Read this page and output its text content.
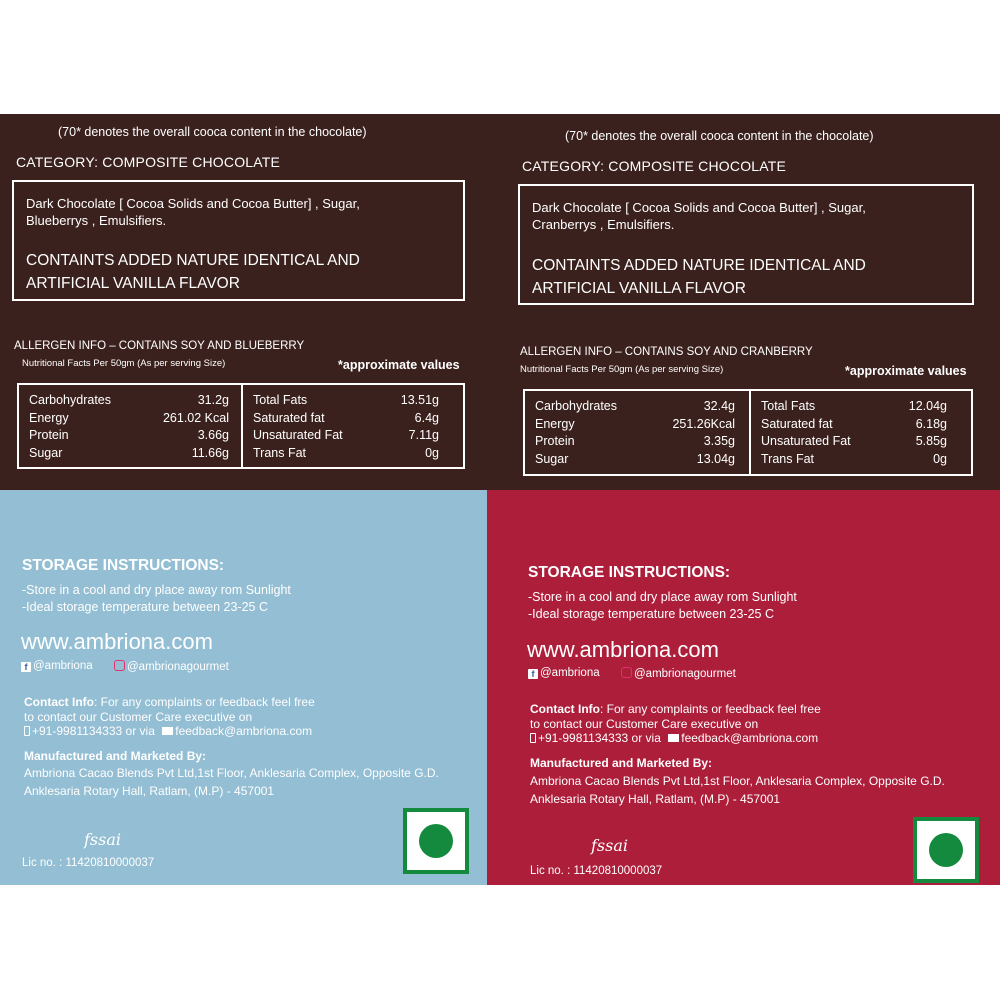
(70* denotes the overall cooca content in the chocolate)
CATEGORY: COMPOSITE CHOCOLATE
Dark Chocolate [ Cocoa Solids and Cocoa Butter] , Sugar,
Blueberrys , Emulsifiers.
CONTAINTS ADDED NATURE IDENTICAL AND
ARTIFICIAL VANILLA FLAVOR
ALLERGEN INFO – CONTAINS SOY AND BLUEBERRY
Nutritional Facts Per 50gm (As per serving Size)	*approximate values
Carbohydrates	31.2g
Energy	261.02 Kcal
Protein	3.66g
Sugar	11.66g
Total Fats	13.51g
Saturated fat	6.4g
Unsaturated Fat	7.11g
Trans Fat	0g
(70* denotes the overall cooca content in the chocolate)
CATEGORY: COMPOSITE CHOCOLATE
Dark Chocolate [ Cocoa Solids and Cocoa Butter] , Sugar,
Cranberrys , Emulsifiers.
CONTAINTS ADDED NATURE IDENTICAL AND
ARTIFICIAL VANILLA FLAVOR
ALLERGEN INFO – CONTAINS SOY AND CRANBERRY
Nutritional Facts Per 50gm (As per serving Size)	*approximate values
Carbohydrates	32.4g
Energy	251.26Kcal
Protein	3.35g
Sugar	13.04g
Total Fats	12.04g
Saturated fat	6.18g
Unsaturated Fat	5.85g
Trans Fat	0g
STORAGE INSTRUCTIONS:
-Store in a cool and dry place away rom Sunlight
-Ideal storage temperature between 23-25 C
www.ambriona.com
f @ambriona	@ambrionagourmet
Contact Info: For any complaints or feedback feel free
to contact our Customer Care executive on
+91-9981134333 or via feedback@ambriona.com
Manufactured and Marketed By:
Ambriona Cacao Blends Pvt Ltd,1st Floor, Anklesaria Complex, Opposite G.D.
Anklesaria Rotary Hall, Ratlam, (M.P) - 457001
fssai
Lic no. : 11420810000037
STORAGE INSTRUCTIONS:
-Store in a cool and dry place away rom Sunlight
-Ideal storage temperature between 23-25 C
www.ambriona.com
f @ambriona	@ambrionagourmet
Contact Info: For any complaints or feedback feel free
to contact our Customer Care executive on
+91-9981134333 or via feedback@ambriona.com
Manufactured and Marketed By:
Ambriona Cacao Blends Pvt Ltd,1st Floor, Anklesaria Complex, Opposite G.D.
Anklesaria Rotary Hall, Ratlam, (M.P) - 457001
fssai
Lic no. : 11420810000037
